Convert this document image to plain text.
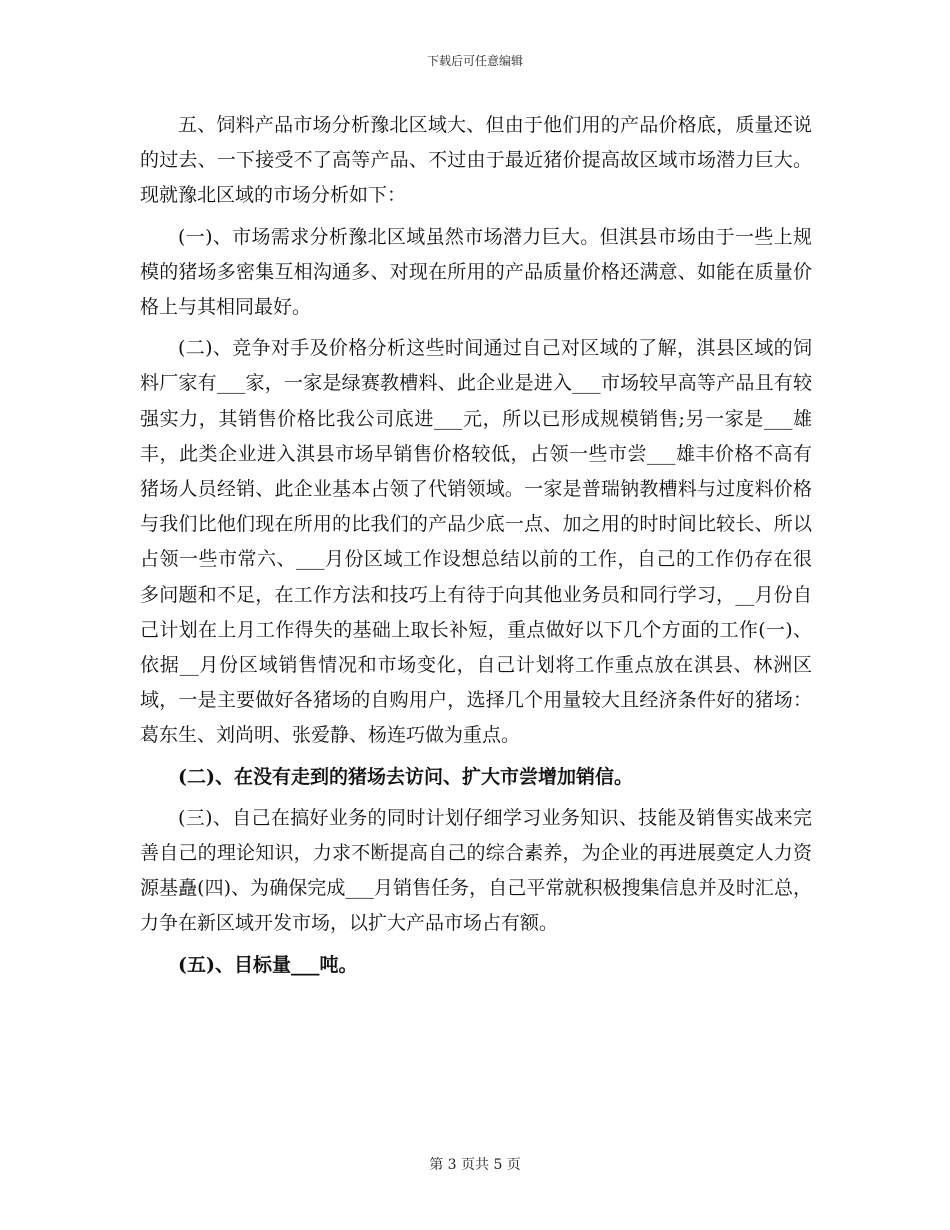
下载后可任意编辑

五、饲料产品市场分析豫北区域大、但由于他们用的产品价格底，质量还说的过去、一下接受不了高等产品、不过由于最近猪价提高故区域市场潜力巨大。现就豫北区域的市场分析如下：

(一)、市场需求分析豫北区域虽然市场潜力巨大。但淇县市场由于一些上规模的猪场多密集互相沟通多、对现在所用的产品质量价格还满意、如能在质量价格上与其相同最好。

(二)、竞争对手及价格分析这些时间通过自己对区域的了解，淇县区域的饲料厂家有___家，一家是绿赛教槽料、此企业是进入___市场较早高等产品且有较强实力，其销售价格比我公司底进___元，所以已形成规模销售;另一家是___雄丰，此类企业进入淇县市场早销售价格较低，占领一些市尝___雄丰价格不高有猪场人员经销、此企业基本占领了代销领域。一家是普瑞钠教槽料与过度料价格与我们比他们现在所用的比我们的产品少底一点、加之用的时时间比较长、所以占领一些市常六、___月份区域工作设想总结以前的工作，自己的工作仍存在很多问题和不足，在工作方法和技巧上有待于向其他业务员和同行学习，__月份自己计划在上月工作得失的基础上取长补短，重点做好以下几个方面的工作(一)、依据__月份区域销售情况和市场变化，自己计划将工作重点放在淇县、林洲区域，一是主要做好各猪场的自购用户，选择几个用量较大且经济条件好的猪场：葛东生、刘尚明、张爱静、杨连巧做为重点。

(二)、在没有走到的猪场去访问、扩大市尝增加销信。

(三)、自己在搞好业务的同时计划仔细学习业务知识、技能及销售实战来完善自己的理论知识，力求不断提高自己的综合素养，为企业的再进展奠定人力资源基矗(四)、为确保完成___月销售任务，自己平常就积极搜集信息并及时汇总，力争在新区域开发市场，以扩大产品市场占有额。

(五)、目标量___吨。

第 3 页共 5 页
